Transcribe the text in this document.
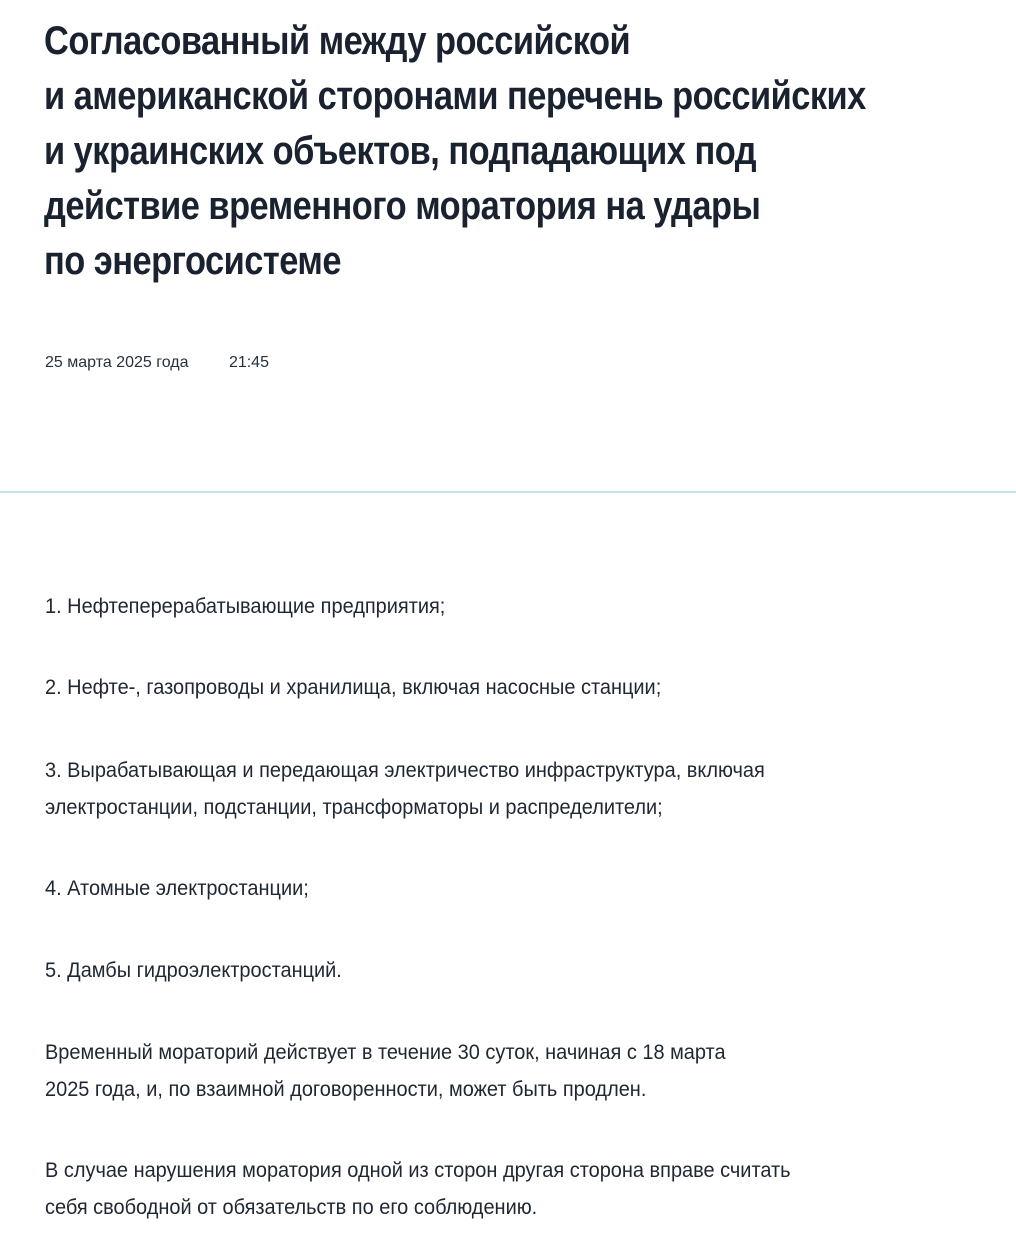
Согласованный между российской
и американской сторонами перечень российских
и украинских объектов, подпадающих под
действие временного моратория на удары
по энергосистеме
25 марта 2025 года	21:45
1. Нефтеперерабатывающие предприятия;
2. Нефте-, газопроводы и хранилища, включая насосные станции;
3. Вырабатывающая и передающая электричество инфраструктура, включая
электростанции, подстанции, трансформаторы и распределители;
4. Атомные электростанции;
5. Дамбы гидроэлектростанций.
Временный мораторий действует в течение 30 суток, начиная с 18 марта
2025 года, и, по взаимной договоренности, может быть продлен.
В случае нарушения моратория одной из сторон другая сторона вправе считать
себя свободной от обязательств по его соблюдению.
